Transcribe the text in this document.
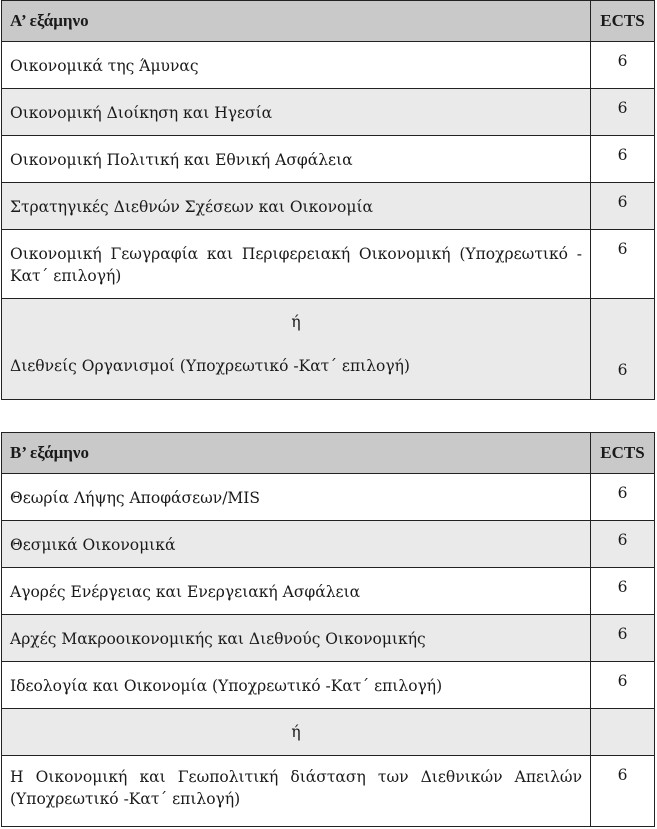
Α’ εξάμηνο	ECTS

Οικονομικά της Άμυνας	6

Οικονομική Διοίκηση και Ηγεσία	6

Οικονομική Πολιτική και Εθνική Ασφάλεια	6

Στρατηγικές Διεθνών Σχέσεων και Οικονομία	6

Οικονομική Γεωγραφία και Περιφερειακή Οικονομική (Υποχρεωτικό - Κατ΄ επιλογή)	6

ή
Διεθνείς Οργανισμοί (Υποχρεωτικό -Κατ΄ επιλογή)	6
Β’ εξάμηνο	ECTS

Θεωρία Λήψης Αποφάσεων/MIS	6

Θεσμικά Οικονομικά	6

Αγορές Ενέργειας και Ενεργειακή Ασφάλεια	6

Αρχές Μακροοικονομικής και Διεθνούς Οικονομικής	6

Ιδεολογία και Οικονομία (Υποχρεωτικό -Κατ΄ επιλογή)	6

ή	

Η Οικονομική και Γεωπολιτική διάσταση των Διεθνικών Απειλών (Υποχρεωτικό -Κατ΄ επιλογή)	6
